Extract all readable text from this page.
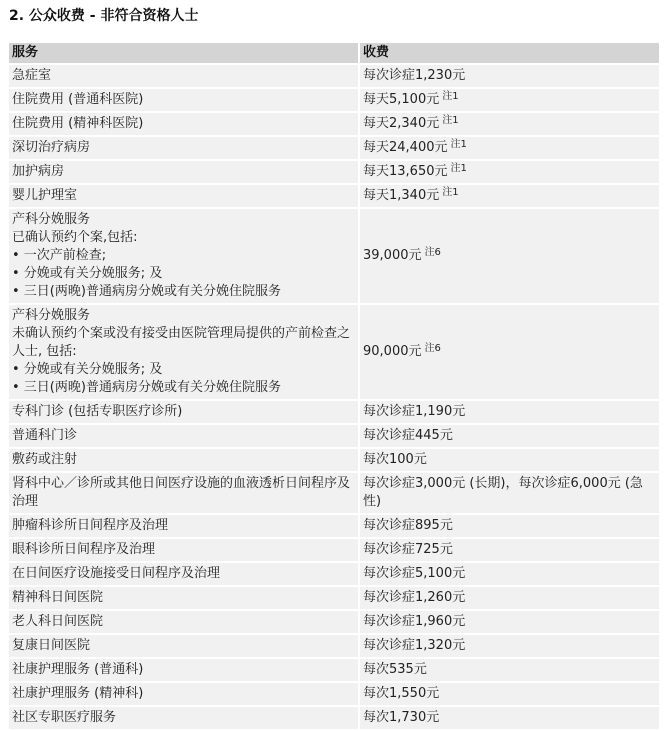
2. 公众收费 - 非符合资格人士
服务	收费

急症室	每次诊症1,230元

住院费用 (普通科医院)	每天5,100元 $^{注1}$

住院费用 (精神科医院)	每天2,340元 $^{注1}$

深切治疗病房	每天24,400元 $^{注1}$

加护病房	每天13,650元 $^{注1}$

婴儿护理室	每天1,340元 $^{注1}$

产科分娩服务
已确认预约个案,包括:
• 一次产前检查;
• 分娩或有关分娩服务; 及
• 三日(两晚)普通病房分娩或有关分娩住院服务	39,000元 $^{注6}$

产科分娩服务
未确认预约个案或没有接受由医院管理局提供的产前检查之人士, 包括:
• 分娩或有关分娩服务; 及
• 三日(两晚)普通病房分娩或有关分娩住院服务	90,000元 $^{注6}$

专科门诊 (包括专职医疗诊所)	每次诊症1,190元

普通科门诊	每次诊症445元

敷药或注射	每次100元

肾科中心／诊所或其他日间医疗设施的血液透析日间程序及治理	每次诊症3,000元 (长期)，每次诊症6,000元 (急性)

肿瘤科诊所日间程序及治理	每次诊症895元

眼科诊所日间程序及治理	每次诊症725元

在日间医疗设施接受日间程序及治理	每次诊症5,100元

精神科日间医院	每次诊症1,260元

老人科日间医院	每次诊症1,960元

复康日间医院	每次诊症1,320元

社康护理服务 (普通科)	每次535元

社康护理服务 (精神科)	每次1,550元

社区专职医疗服务	每次1,730元
